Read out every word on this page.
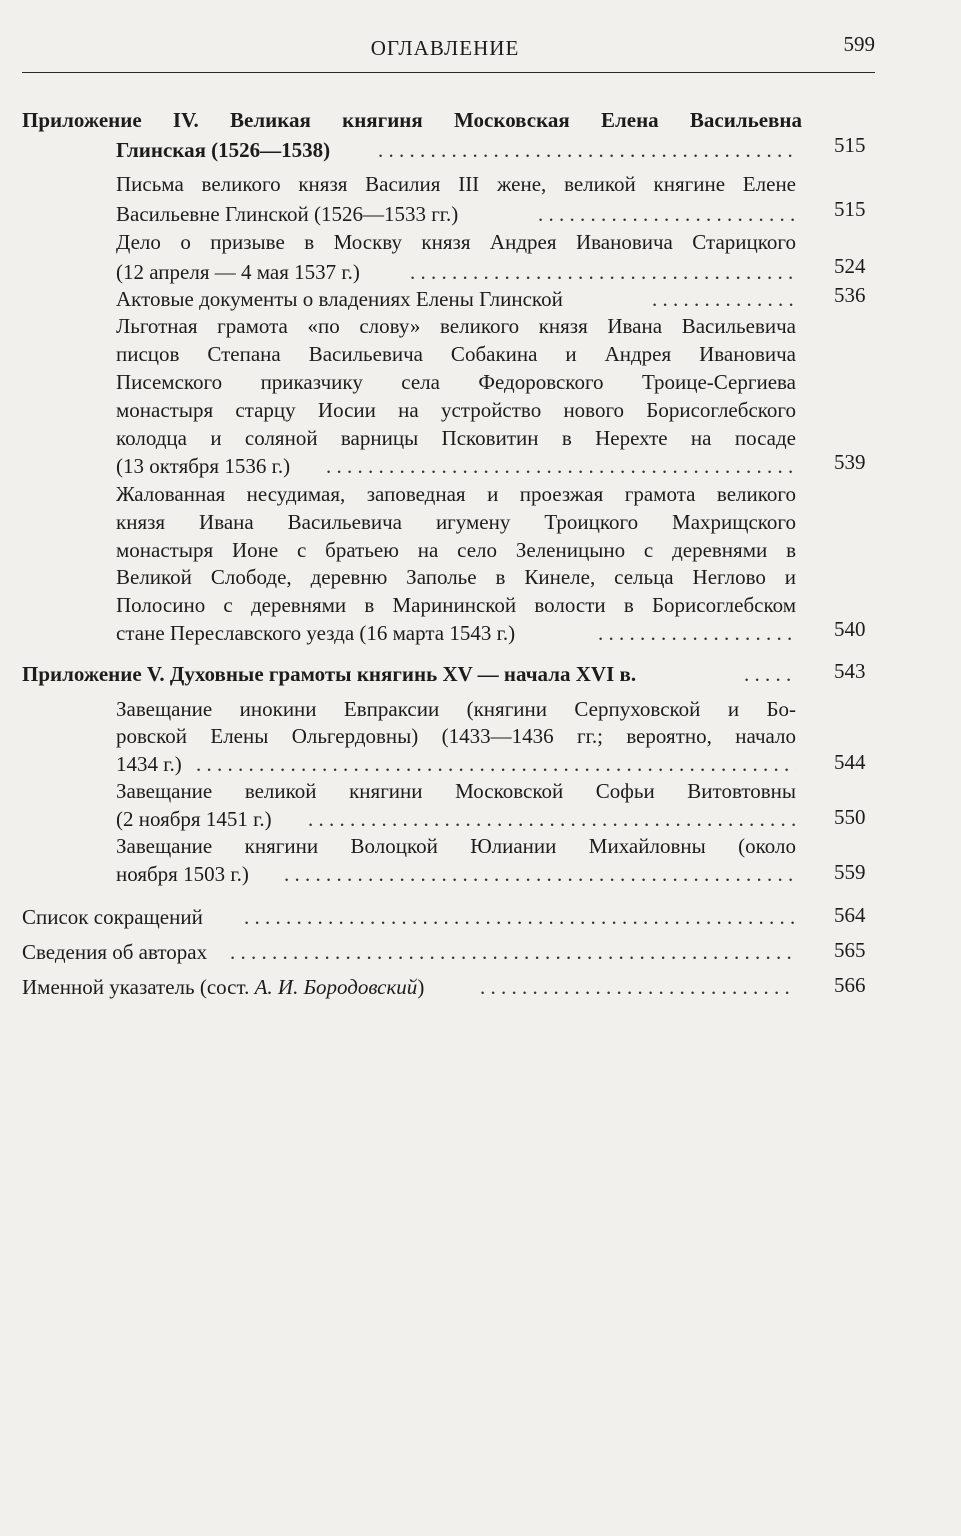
ОГЛАВЛЕНИЕ	599
Приложение IV. Великая княгиня Московская Елена Васильевна
Глинская (1526—1538) . . .	515
Письма великого князя Василия III жене, великой княгине Елене
Васильевне Глинской (1526—1533 гг.) . . .	515
Дело о призыве в Москву князя Андрея Ивановича Старицкого
(12 апреля — 4 мая 1537 г.) . . .	524
Актовые документы о владениях Елены Глинской . . .	536
Льготная грамота «по слову» великого князя Ивана Васильевича
писцов Степана Васильевича Собакина и Андрея Ивановича
Писемского приказчику села Федоровского Троице-Сергиева
монастыря старцу Иосии на устройство нового Борисоглебского
колодца и соляной варницы Псковитин в Нерехте на посаде
(13 октября 1536 г.) . . .	539
Жалованная несудимая, заповедная и проезжая грамота великого
князя Ивана Васильевича игумену Троицкого Махрищского
монастыря Ионе с братьею на село Зеленицыно с деревнями в
Великой Слободе, деревню Заполье в Кинеле, сельца Неглово и
Полосино с деревнями в Марининской волости в Борисоглебском
стане Переславского уезда (16 марта 1543 г.) . . .	540
Приложение V. Духовные грамоты княгинь XV — начала XVI в. . . .	543
Завещание инокини Евпраксии (княгини Серпуховской и Бо-
ровской Елены Ольгердовны) (1433—1436 гг.; вероятно, начало
1434 г.) . . .	544
Завещание великой княгини Московской Софьи Витовтовны
(2 ноября 1451 г.) . . .	550
Завещание княгини Волоцкой Юлиании Михайловны (около
ноября 1503 г.) . . .	559
Список сокращений . . .	564
Сведения об авторах . . .	565
Именной указатель (сост. А. И. Бородовский) . . .	566
